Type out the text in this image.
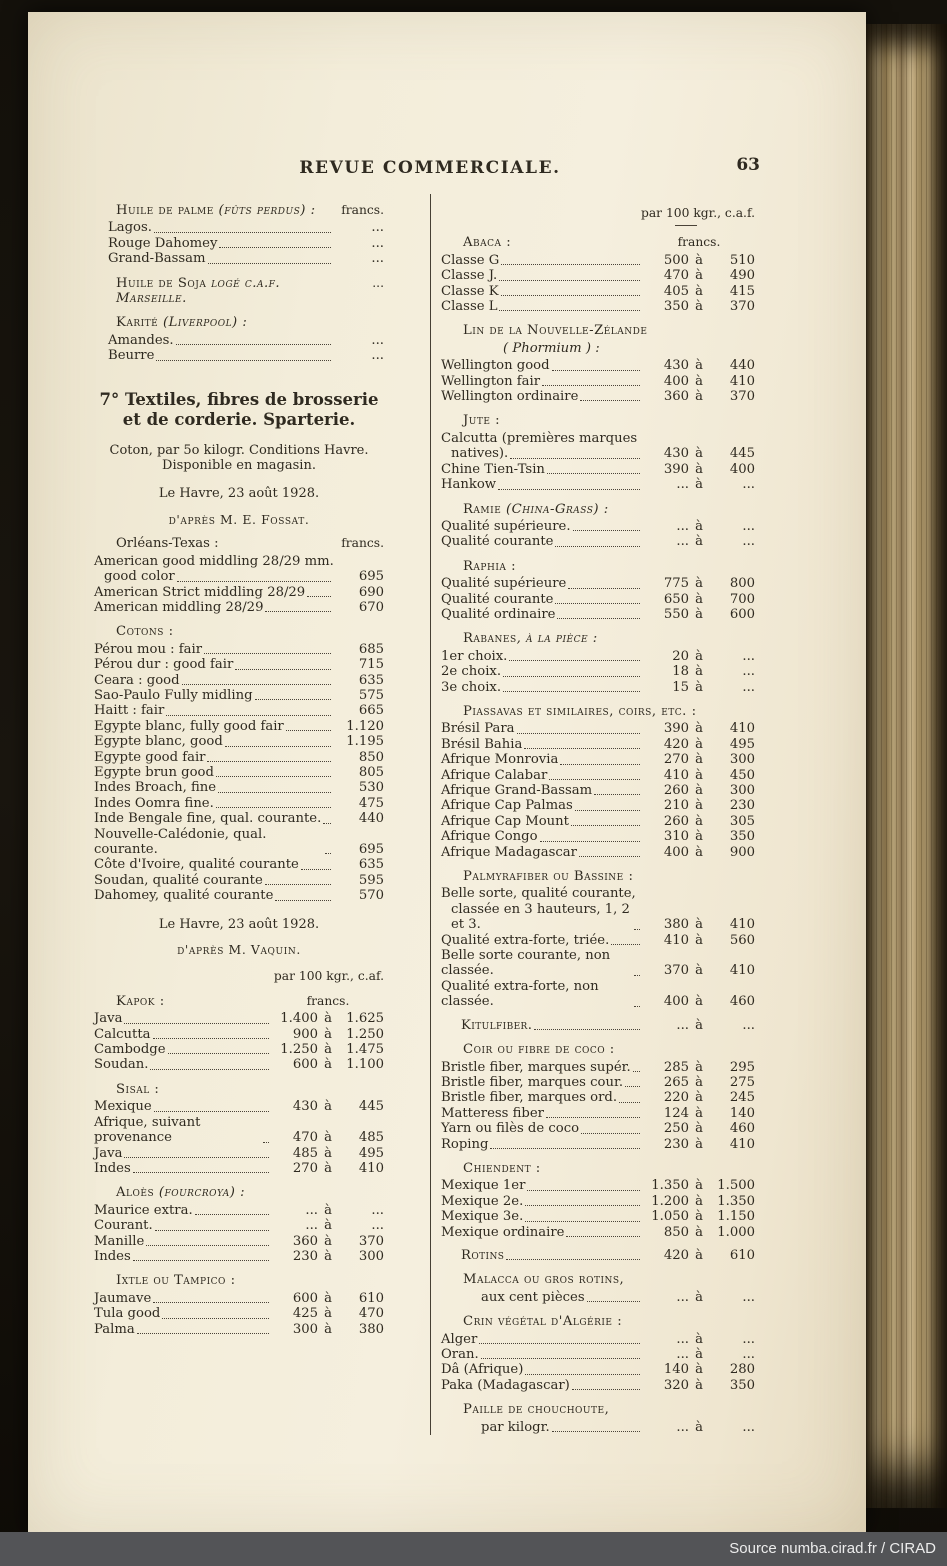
REVUE COMMERCIALE.	63
Huile de palme (fûts perdus) :	francs.
Lagos.	...
Rouge Dahomey	...
Grand-Bassam	...
Huile de Soja logé c.a.f. Marseille.
...
Karité (Liverpool) :
Amandes.	...
Beurre	...
7° Textiles, fibres de brosserie
et de corderie. Sparterie.
Coton, par 5o kilogr. Conditions Havre.
Disponible en magasin.
Le Havre, 23 août 1928.
d'après M. E. Fossat.
Orléans-Texas :	francs.
American good middling 28/29 mm.
good color	695
American Strict middling 28/29	690
American middling 28/29	670
Cotons :
Pérou mou : fair	685
Pérou dur : good fair	715
Ceara : good	635
Sao-Paulo Fully midling	575
Haitt : fair	665
Egypte blanc, fully good fair	1.120
Egypte blanc, good	1.195
Egypte good fair	850
Egypte brun good	805
Indes Broach, fine	530
Indes Oomra fine.	475
Inde Bengale fine, qual. courante.	440
Nouvelle-Calédonie, qual. courante.	695
Côte d'Ivoire, qualité courante	635
Soudan, qualité courante	595
Dahomey, qualité courante	570
Le Havre, 23 août 1928.
d'après M. Vaquin.
par 100 kgr., c.af.
Kapok :	francs.
Java	1.400 à	1.625
Calcutta	900 à	1.250
Cambodge	1.250 à	1.475
Soudan.	600 à	1.100
Sisal :
Mexique	430 à	445
Afrique, suivant provenance	470 à	485
Java	485 à	495
Indes	270 à	410
Aloès (fourcroya) :
Maurice extra.	... à	...
Courant.	... à	...
Manille	360 à	370
Indes	230 à	300
Ixtle ou Tampico :
Jaumave	600 à	610
Tula good	425 à	470
Palma	300 à	380
par 100 kgr., c.a.f.
Abaca :	francs.
Classe G	500 à	510
Classe J.	470 à	490
Classe K	405 à	415
Classe L	350 à	370
Lin de la Nouvelle-Zélande
( Phormium ) :
Wellington good	430 à	440
Wellington fair	400 à	410
Wellington ordinaire	360 à	370
Jute :
Calcutta (premières marques
natives).	430 à	445
Chine Tien-Tsin	390 à	400
Hankow	... à	...
Ramie (China-Grass) :
Qualité supérieure.	... à	...
Qualité courante	... à	...
Raphia :
Qualité supérieure	775 à	800
Qualité courante	650 à	700
Qualité ordinaire	550 à	600
Rabanes, à la pièce :
1er choix.	20 à	...
2e choix.	18 à	...
3e choix.	15 à	...
Piassavas et similaires, coirs, etc. :
Brésil Para	390 à	410
Brésil Bahia	420 à	495
Afrique Monrovia	270 à	300
Afrique Calabar	410 à	450
Afrique Grand-Bassam	260 à	300
Afrique Cap Palmas	210 à	230
Afrique Cap Mount	260 à	305
Afrique Congo	310 à	350
Afrique Madagascar	400 à	900
Palmyrafiber ou Bassine :
Belle sorte, qualité courante,
classée en 3 hauteurs, 1, 2 et 3.	380 à	410
Qualité extra-forte, triée.	410 à	560
Belle sorte courante, non classée.	370 à	410
Qualité extra-forte, non classée.	400 à	460
Kitulfiber.	... à	...
Coir ou fibre de coco :
Bristle fiber, marques supér.	285 à	295
Bristle fiber, marques cour.	265 à	275
Bristle fiber, marques ord.	220 à	245
Matteress fiber	124 à	140
Yarn ou filès de coco	250 à	460
Roping	230 à	410
Chiendent :
Mexique 1er	1.350 à	1.500
Mexique 2e.	1.200 à	1.350
Mexique 3e.	1.050 à	1.150
Mexique ordinaire	850 à	1.000
Rotins	420 à	610
Malacca ou gros rotins,
aux cent pièces	... à	...
Crin végétal d'Algérie :
Alger	... à	...
Oran.	... à	...
Dâ (Afrique)	140 à	280
Paka (Madagascar)	320 à	350
Paille de chouchoute,
par kilogr.	... à	...
Source numba.cirad.fr / CIRAD
